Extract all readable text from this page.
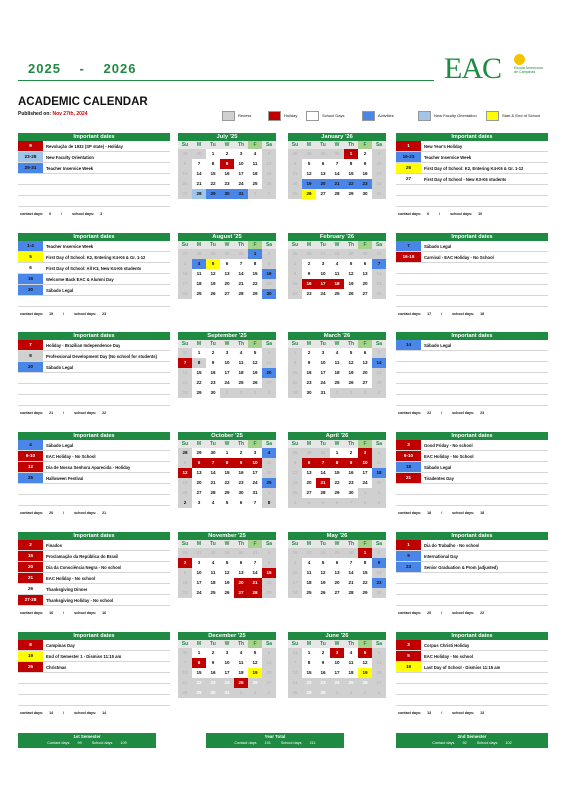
2025 - 2026	EAC	Escola Americana de Campinas
ACADEMIC CALENDAR
Published on: Nov 27th, 2024	Recess	Holiday	School Days	Activities	New Faculty Orientation	Start & End of School
Important dates
9	Revolução de 1932 (SP state) - Holiday
23-28	New Faculty Orientation
29-31	Teacher Inservice Week
contact days: 0	/	school days: 3
July '25
Su	M	Tu	W	Th	F	Sa
29	30	1	2	3	4	5
6	7	8	9	10	11	12
13	14	15	16	17	18	19
20	21	22	23	24	25	26
27	28	29	30	31	1	2
January '26
Su	M	Tu	W	Th	F	Sa
28	29	30	31	1	2	3
4	5	6	7	8	9	10
11	12	13	14	15	16	17
18	19	20	21	22	23	24
25	26	27	28	29	30	31
Important dates
1	New Year's Holiday
19-23	Teacher Inservice Week
26	First Day of School: K2, Entering K4-K6 & Gr. 1-12
27	First Day of School - New K3-K6 students
contact days: 6	/	school days: 10
Important dates
1-4	Teacher Inservice Week
5	First Day of School: K2, Entering K4-K6 & Gr. 1-12
6	First Day of School: All K3, New K4-K6 students
16	Welcome Back EAC & Alumni Day
30	Sábado Legal
contact days: 19	/	school days: 23
August '25
Su	M	Tu	W	Th	F	Sa
27	28	29	30	31	1	2
3	4	5	6	7	8	9
10	11	12	13	14	15	16
17	18	19	20	21	22	23
24	25	26	27	28	29	30
February '26
Su	M	Tu	W	Th	F	Sa
25	26	27	28	29	30	31
1	2	3	4	5	6	7
8	9	10	11	12	13	14
15	16	17	18	19	20	21
22	23	24	25	26	27	28
Important dates
7	Sábado Legal
16-18	Carnival - EAC Holiday - No School
contact days: 17	/	school days: 18
Important dates
7	Holiday - Brazilian Independence Day
8	Professional Development Day (No school for students)
20	Sábado Legal
contact days: 21	/	school days: 22
September '25
Su	M	Tu	W	Th	F	Sa
31	1	2	3	4	5	6
7	8	9	10	11	12	13
14	15	16	17	18	19	20
21	22	23	24	25	26	27
28	29	30	1	2	3	4
March '26
Su	M	Tu	W	Th	F	Sa
1	2	3	4	5	6	7
8	9	10	11	12	13	14
15	16	17	18	19	20	21
22	23	24	25	26	27	28
29	30	31	1	2	3	4
Important dates
14	Sábado Legal
contact days: 22	/	school days: 23
Important dates
4	Sábado Legal
6-10	EAC Holiday - No School
12	Dia de Nossa Senhora Aparecida - Holiday
25	Halloween Festival
contact days: 20	/	school days: 21
October '25
Su	M	Tu	W	Th	F	Sa
28	29	30	1	2	3	4
5	6	7	8	9	10	11
12	13	14	15	16	17	18
19	20	21	22	23	24	25
26	27	28	29	30	31	1
2	3	4	5	6	7	8
April '26
Su	M	Tu	W	Th	F	Sa
29	30	31	1	2	3	4
5	6	7	8	9	10	11
12	13	14	15	16	17	18
19	20	21	22	23	24	25
26	27	28	29	30	1	2
3	4	5	6	7	8	9
Important dates
3	Good Friday - No school
6-10	EAC Holiday - No School
18	Sábado Legal
21	Tiradentes Day
contact days: 18	/	school days: 18
Important dates
2	Finados
15	Proclamação da República do Brasil
20	Dia da Consciência Negra - No school
21	EAC Holiday - No school
26	Thanksgiving Dinner
27-28	Thanksgiving Holiday - No school
contact days: 16	/	school days: 16
November '25
Su	M	Tu	W	Th	F	Sa
26	27	28	29	30	31	1
2	3	4	5	6	7	8
9	10	11	12	13	14	15
16	17	18	19	20	21	22
23	24	25	26	27	28	29
May '26
Su	M	Tu	W	Th	F	Sa
26	27	28	29	30	1	2
3	4	5	6	7	8	9
10	11	12	13	14	15	16
17	18	19	20	21	22	23
24	25	26	27	28	29	30
Important dates
1	Dia do Trabalho - No school
9	International Day
23	Senior Graduation & Prom (adjusted)
contact days: 20	/	school days: 22
Important dates
8	Campinas Day
19	End of Semester 1 - Dismiss 11:15 am
25	Christmas
contact days: 14	/	school days: 14
December '25
Su	M	Tu	W	Th	F	Sa
30	1	2	3	4	5	6
7	8	9	10	11	12	13
14	15	16	17	18	19	20
21	22	23	24	25	26	27
28	29	30	31	1	2	3
June '26
Su	M	Tu	W	Th	F	Sa
31	1	2	3	4	5	6
7	8	9	10	11	12	13
14	15	16	17	18	19	20
21	22	23	24	25	26	27
28	29	30	1	2	3	4
Important dates
3	Corpus Christi Holiday
5	EAC Holiday - No school
19	Last Day of School - Dismiss 11:15 am
contact days: 13	/	school days: 13
1st Semester
Contact days 99	School days 109
Year Total
Contact days 191	School days 211
2nd Semester
Contact days 92	School days 102
